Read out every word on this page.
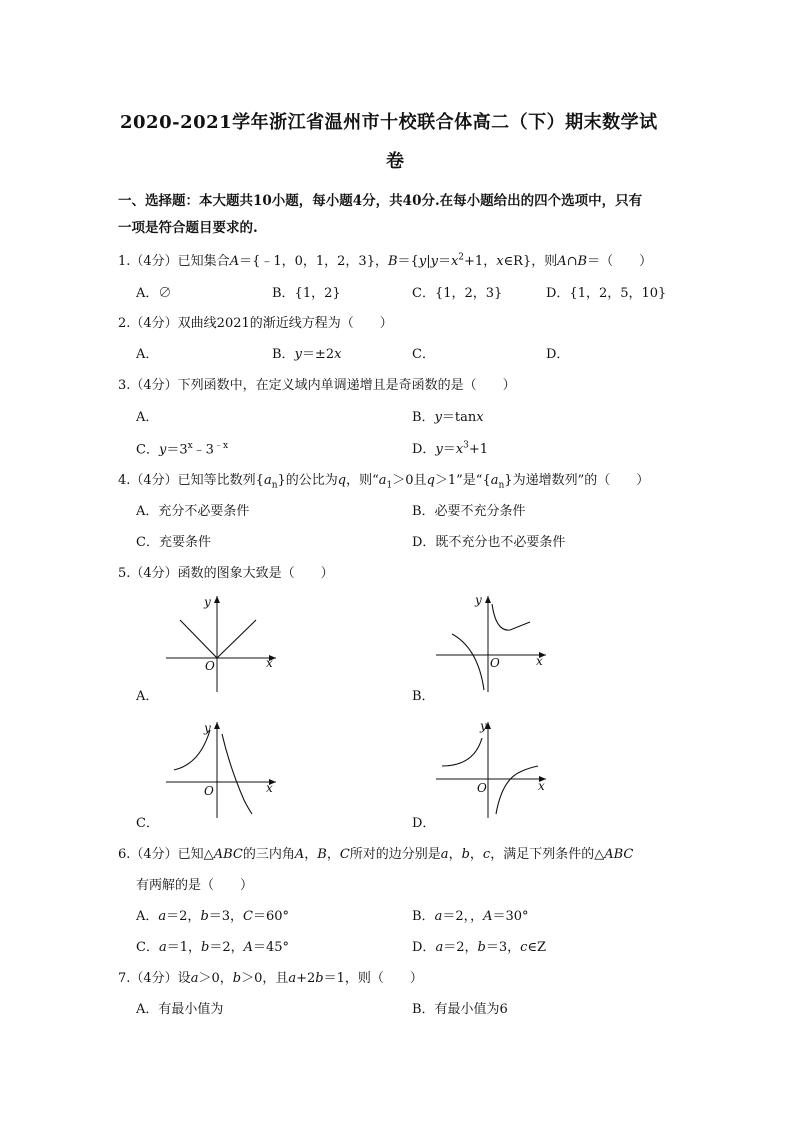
2020-2021学年浙江省温州市十校联合体高二（下）期末数学试
卷
一、选择题：本大题共10小题，每小题4分，共40分.在每小题给出的四个选项中，只有
一项是符合题目要求的.
1.（4分）已知集合A＝{﹣1，0，1，2，3}，$B=\{y|y=x^2+1$，x∈R}，则A∩B＝（　　）
A．∅	B．{1，2}	C．{1，2，3}	D．{1，2，5，10}
2.（4分）双曲线2021的渐近线方程为（　　）
A．	B．y＝±2x	C．	D．
3.（4分）下列函数中，在定义域内单调递增且是奇函数的是（　　）
A．	B．y＝tanx
C．$y=3^x﹣3^{﹣x}$	D．$y=x^3+1$
4.（4分）已知等比数列$\{a_n\}$的公比为q，则“$a_1>0$且q＞1”是“$\{a_n\}$为递增数列”的（　　）
A．充分不必要条件	B．必要不充分条件
C．充要条件	D．既不充分也不必要条件
5.（4分）函数的图象大致是（　　）
x
y
O
A．
x
y
O
B．
x
y
O
C．
x
y
O
D．
6.（4分）已知△ABC的三内角A，B，C所对的边分别是a，b，c，满足下列条件的△ABC
有两解的是（　　）
A．a＝2，b＝3，C＝60°	B．a＝2，，A＝30°
C．a＝1，b＝2，A＝45°	D．a＝2，b＝3，c∈Z
7.（4分）设a＞0，b＞0，且a+2b＝1，则（　　）
A．有最小值为	B．有最小值为6
